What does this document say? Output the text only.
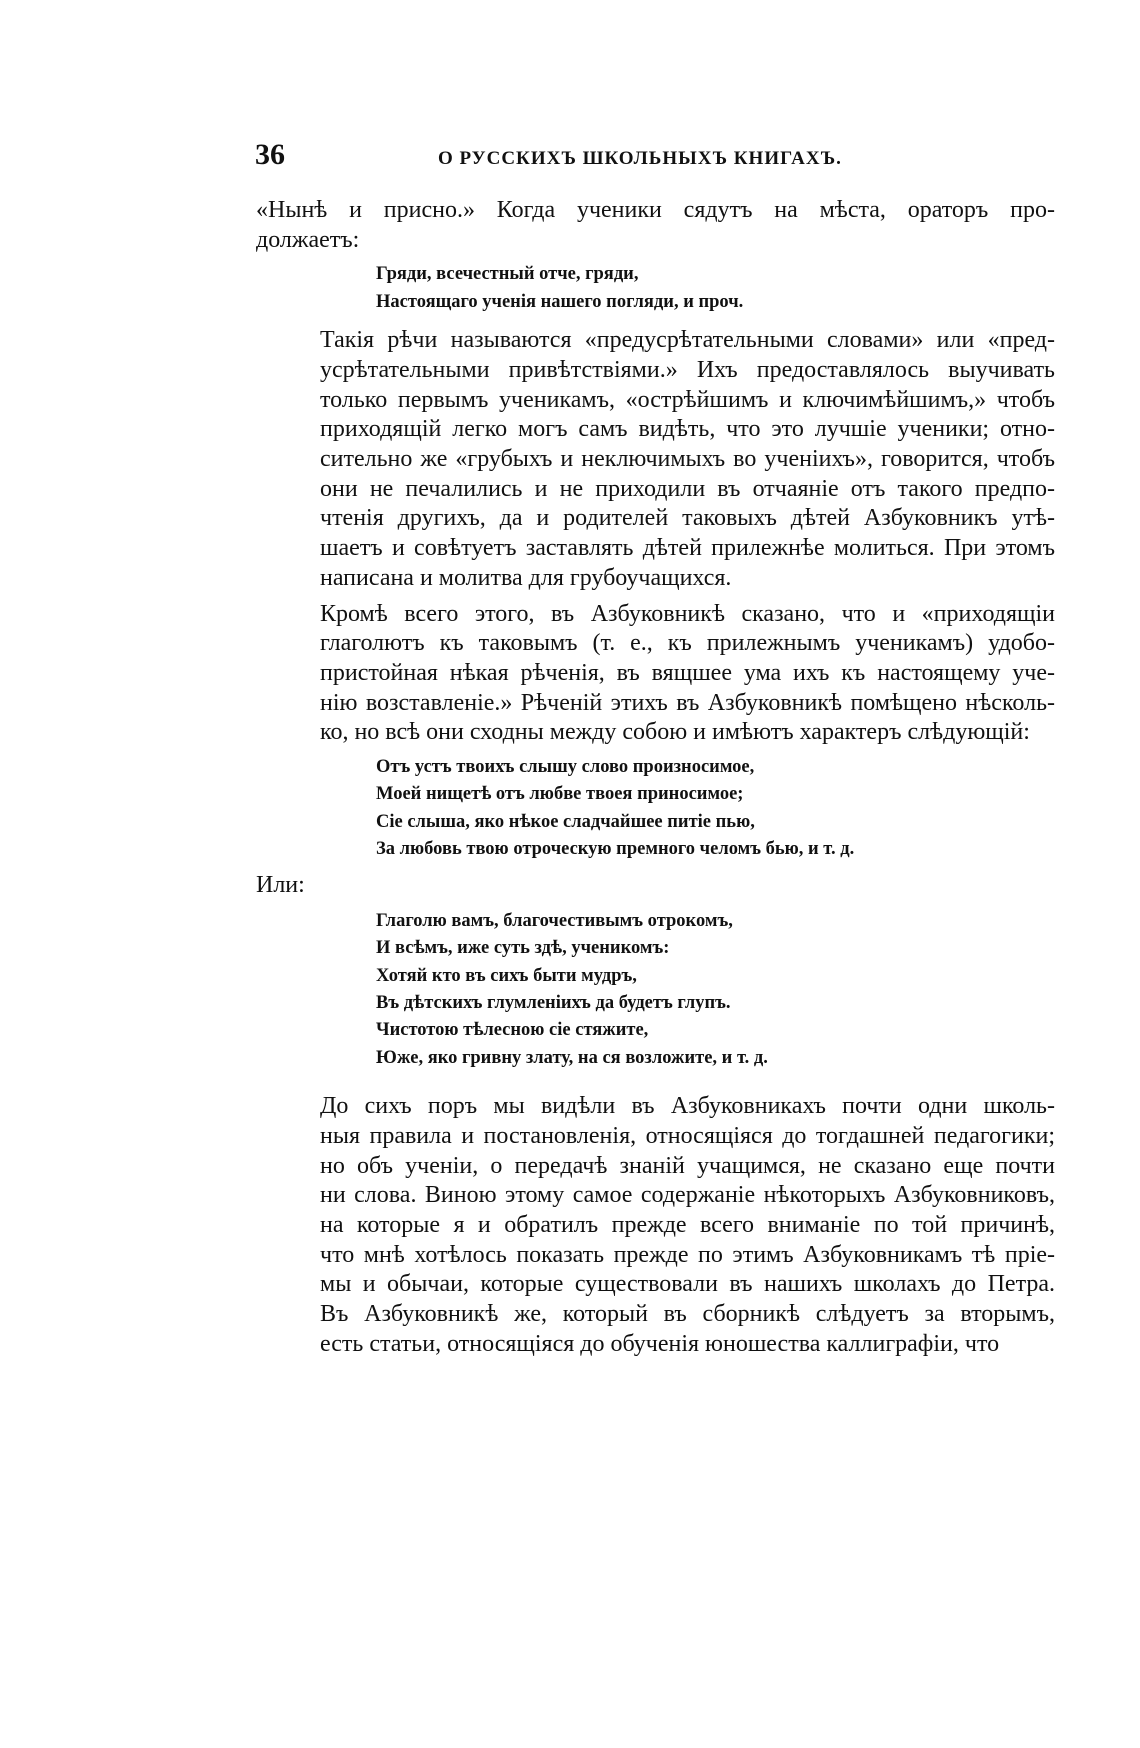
36	О РУССКИХЪ ШКОЛЬНЫХЪ КНИГАХЪ.

«Нынѣ и присно.» Когда ученики сядутъ на мѣста, ораторъ про-
должаетъ:

Гряди, всечестный отче, гряди,
Настоящаго ученія нашего погляди, и проч.

Такія рѣчи называются «предусрѣтательными словами» или «пред-
усрѣтательными привѣтствіями.» Ихъ предоставлялось выучивать
только первымъ ученикамъ, «острѣйшимъ и ключимѣйшимъ,» чтобъ
приходящій легко могъ самъ видѣть, что это лучшіе ученики; отно-
сительно же «грубыхъ и неключимыхъ во ученіихъ», говорится, чтобъ
они не печалились и не приходили въ отчаяніе отъ такого предпо-
чтенія другихъ, да и родителей таковыхъ дѣтей Азбуковникъ утѣ-
шаетъ и совѣтуетъ заставлять дѣтей прилежнѣе молиться. При этомъ
написана и молитва для грубоучащихся.

Кромѣ всего этого, въ Азбуковникѣ сказано, что и «приходящіи
глаголютъ къ таковымъ (т. е., къ прилежнымъ ученикамъ) удобо-
пристойная нѣкая рѣченія, въ вящшее ума ихъ къ настоящему уче-
нію возставленіе.» Рѣченій этихъ въ Азбуковникѣ помѣщено нѣсколь-
ко, но всѣ они сходны между собою и имѣютъ характеръ слѣдующій:

Отъ устъ твоихъ слышу слово произносимое,
Моей нищетѣ отъ любве твоея приносимое;
Сіе слыша, яко нѣкое сладчайшее питіе пью,
За любовь твою отроческую премного челомъ бью, и т. д.

Или:

Глаголю вамъ, благочестивымъ отрокомъ,
И всѣмъ, иже суть здѣ, ученикомъ:
Хотяй кто въ сихъ быти мудръ,
Въ дѣтскихъ глумленіихъ да будетъ глупъ.
Чистотою тѣлесною сіе стяжите,
Юже, яко гривну злату, на ся возложите, и т. д.

До сихъ поръ мы видѣли въ Азбуковникахъ почти одни школь-
ныя правила и постановленія, относящіяся до тогдашней педагогики;
но объ ученіи, о передачѣ знаній учащимся, не сказано еще почти
ни слова. Виною этому самое содержаніе нѣкоторыхъ Азбуковниковъ,
на которые я и обратилъ прежде всего вниманіе по той причинѣ,
что мнѣ хотѣлось показать прежде по этимъ Азбуковникамъ тѣ пріе-
мы и обычаи, которые существовали въ нашихъ школахъ до Петра.
Въ Азбуковникѣ же, который въ сборникѣ слѣдуетъ за вторымъ,
есть статьи, относящіяся до обученія юношества каллиграфіи, что
